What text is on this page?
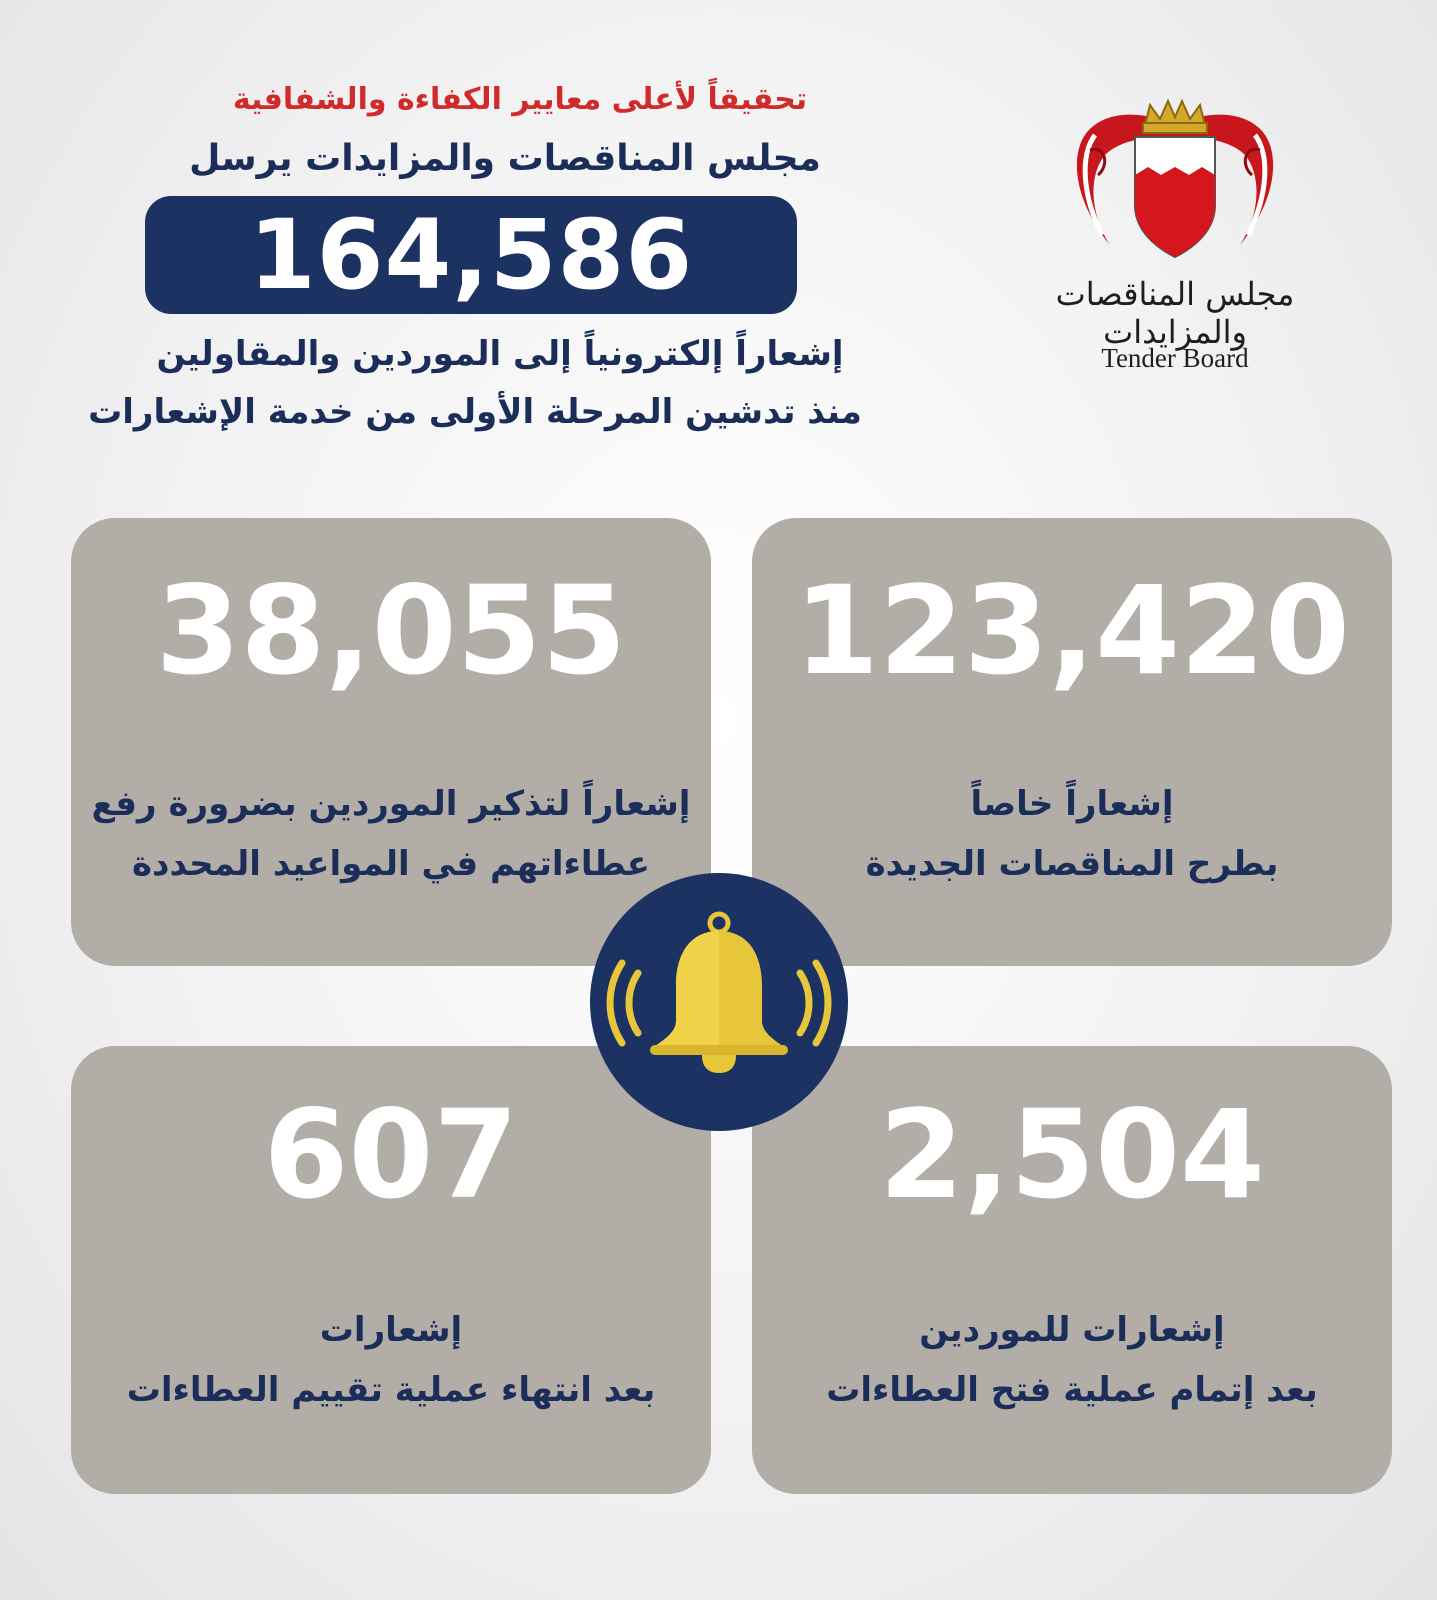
تحقيقاً لأعلى معايير الكفاءة والشفافية
مجلس المناقصات والمزايدات يرسل
164,586
إشعاراً إلكترونياً إلى الموردين والمقاولين
منذ تدشين المرحلة الأولى من خدمة الإشعارات
مجلس المناقصات والمزايدات
Tender Board
123,420
إشعاراً خاصاً
بطرح المناقصات الجديدة
38,055
إشعاراً لتذكير الموردين بضرورة رفع
عطاءاتهم في المواعيد المحددة
2,504
إشعارات للموردين
بعد إتمام عملية فتح العطاءات
607
إشعارات
بعد انتهاء عملية تقييم العطاءات
